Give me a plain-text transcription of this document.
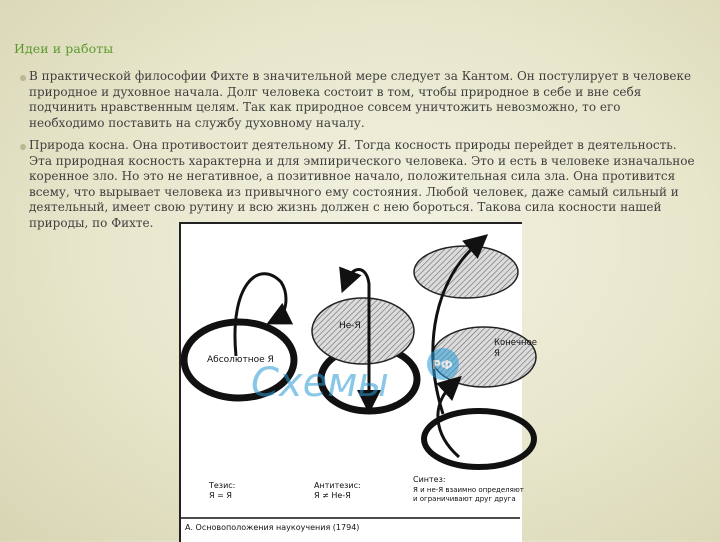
Идеи и работы
В практической философии Фихте в значительной мере следует за Кантом. Он постулирует в человеке природное и духовное начала. Долг человека состоит в том, чтобы природное в себе и вне себя подчинить нравственным целям. Так как природное совсем уничтожить невозможно, то его необходимо поставить на службу духовному началу.
Природа косна. Она противостоит деятельному Я. Тогда косность природы перейдет в деятельность. Эта природная косность характерна и для эмпирического человека. Это и есть в человеке изначальное коренное зло. Но это не негативное, а позитивное начало, положительная сила зла. Она противится всему, что вырывает человека из привычного ему состояния. Любой человек, даже самый сильный и деятельный, имеет свою рутину и всю жизнь должен с нею бороться. Такова сила косности нашей природы, по Фихте.
Абсолютное Я
Не-Я
Конечное
Я
Схемы	РФ
Тезис:
Я = Я
Антитезис:
Я ≠ Не-Я
Синтез:
Я и не-Я взаимно определяют
и ограничивают друг друга
А. Основоположения наукоучения (1794)
